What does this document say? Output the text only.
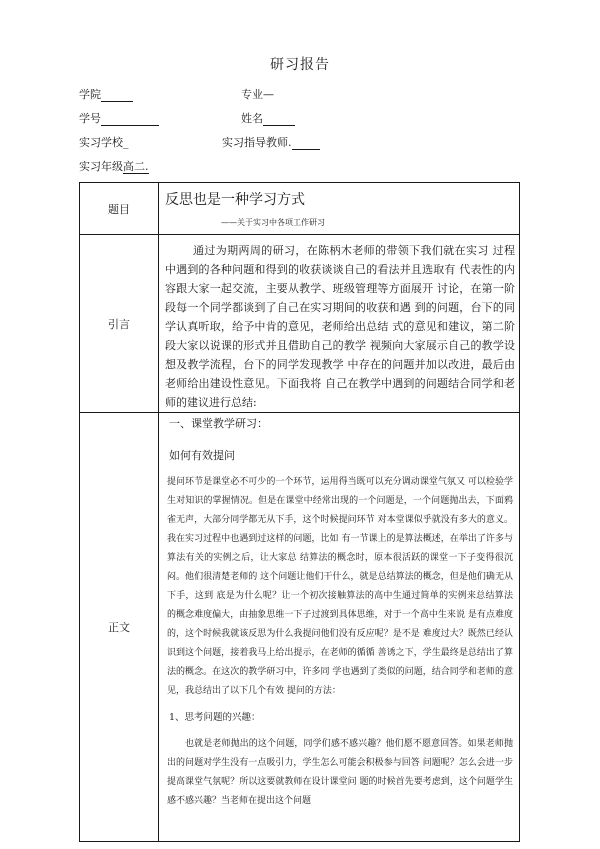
研习报告
学院	专业—
学号	姓名
实习学校_	实习指导教师.
实习年级高二.
题目	反思也是一种学习方式
——关于实习中各项工作研习

引言	通过为期两周的研习，在陈柄木老师的带领下我们就在实习 过程中遇到的各种问题和得到的收获谈谈自己的看法并且选取有 代表性的内容跟大家一起交流，主要从教学、班级管理等方面展开 讨论，在第一阶段每一个同学都谈到了自己在实习期间的收获和遇 到的问题，台下的同学认真听取，给予中肯的意见，老师给出总结 式的意见和建议，第二阶段大家以说课的形式并且借助自己的教学 视频向大家展示自己的教学设想及教学流程，台下的同学发现教学 中存在的问题并加以改进，最后由老师给出建设性意见。下面我将 自己在教学中遇到的问题结合同学和老师的建议进行总结:

正文	一、课堂教学研习：
如何有效提问
提问环节是课堂必不可少的一个环节，运用得当既可以充分调动课堂气氛又 可以检验学生对知识的掌握情况。但是在课堂中经常出现的一个问题是，一个问题抛出去，下面鸦雀无声，大部分同学都无从下手，这个时候提问环节 对本堂课似乎就没有多大的意义。我在实习过程中也遇到过这样的问题，比如 有一节课上的是算法概述，在举出了许多与算法有关的实例之后，让大家总 结算法的概念时，原本很活跃的课堂一下子变得很沉闷。他们很清楚老师的 这个问题让他们干什么，就是总结算法的概念，但是他们确无从下手，这到 底是为什么呢？让一个初次接触算法的高中生通过简单的实例来总结算法 的概念难度偏大，由抽象思维一下子过渡到具体思维，对于一个高中生来说 是有点难度的，这个时候我就该反思为什么我提问他们没有反应呢？是不是 难度过大？既然已经认识到这个问题，接着我马上给出提示，在老师的循循 善诱之下，学生最终是总结出了算法的概念。在这次的教学研习中，许多同 学也遇到了类似的问题，结合同学和老师的意见，我总结出了以下几个有效 提问的方法：
1、思考问题的兴趣：
也就是老师抛出的这个问题，同学们感不感兴趣？他们愿不愿意回答。如果老师抛出的问题对学生没有一点吸引力，学生怎么可能会积极参与回答 问题呢？怎么会进一步提高课堂气氛呢？所以这要就教师在设计课堂问 题的时候首先要考虑到，这个问题学生感不感兴趣？当老师在提出这个问题
